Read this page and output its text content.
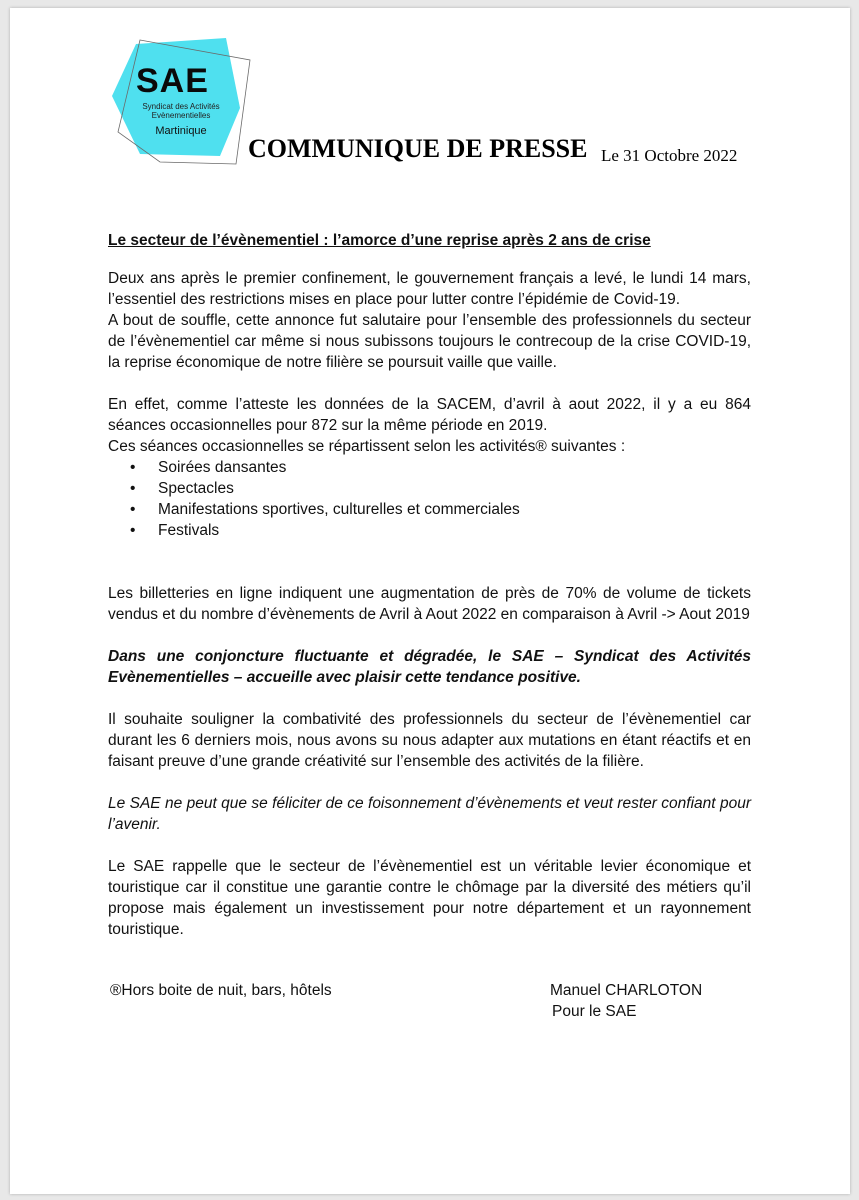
SAE
Syndicat des Activités
Evènementielles
Martinique
COMMUNIQUE DE PRESSE Le 31 Octobre 2022

Le secteur de l’évènementiel : l’amorce d’une reprise après 2 ans de crise

Deux ans après le premier confinement, le gouvernement français a levé, le lundi 14 mars, l’essentiel des restrictions mises en place pour lutter contre l’épidémie de Covid-19.

A bout de souffle, cette annonce fut salutaire pour l’ensemble des professionnels du secteur de l’évènementiel car même si nous subissons toujours le contrecoup de la crise COVID-19, la reprise économique de notre filière se poursuit vaille que vaille.

En effet, comme l’atteste les données de la SACEM, d’avril à aout 2022, il y a eu 864 séances occasionnelles pour 872 sur la même période en 2019.

Ces séances occasionnelles se répartissent selon les activités® suivantes :

• Soirées dansantes
• Spectacles
• Manifestations sportives, culturelles et commerciales
• Festivals

Les billetteries en ligne indiquent une augmentation de près de 70% de volume de tickets vendus et du nombre d’évènements de Avril à Aout 2022 en comparaison à Avril -> Aout 2019

Dans une conjoncture fluctuante et dégradée, le SAE – Syndicat des Activités Evènementielles – accueille avec plaisir cette tendance positive.

Il souhaite souligner la combativité des professionnels du secteur de l’évènementiel car durant les 6 derniers mois, nous avons su nous adapter aux mutations en étant réactifs et en faisant preuve d’une grande créativité sur l’ensemble des activités de la filière.

Le SAE ne peut que se féliciter de ce foisonnement d’évènements et veut rester confiant pour l’avenir.

Le SAE rappelle que le secteur de l’évènementiel est un véritable levier économique et touristique car il constitue une garantie contre le chômage par la diversité des métiers qu’il propose mais également un investissement pour notre département et un rayonnement touristique.

®Hors boite de nuit, bars, hôtels	Manuel CHARLOTON
Pour le SAE
